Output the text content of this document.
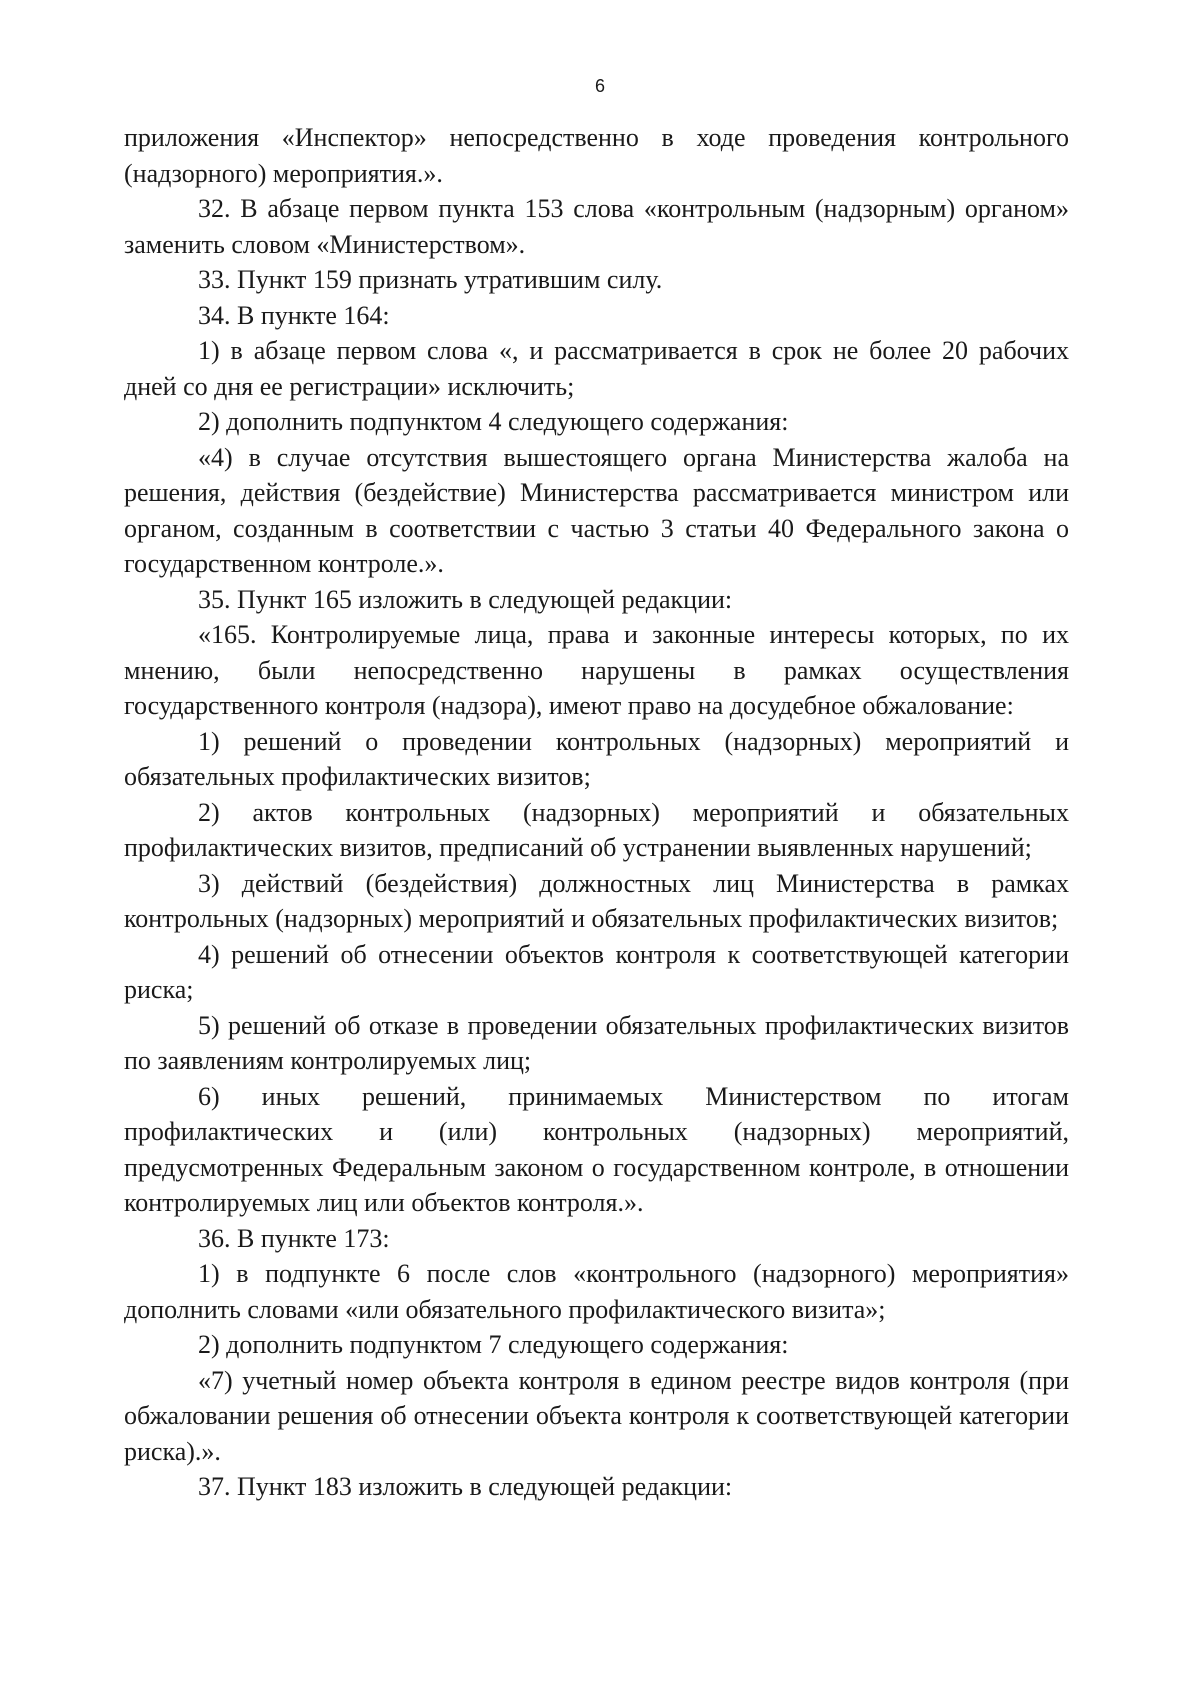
6

приложения «Инспектор» непосредственно в ходе проведения контрольного (надзорного) мероприятия.».

32. В абзаце первом пункта 153 слова «контрольным (надзорным) органом» заменить словом «Министерством».

33. Пункт 159 признать утратившим силу.

34. В пункте 164:

1) в абзаце первом слова «, и рассматривается в срок не более 20 рабочих дней со дня ее регистрации» исключить;

2) дополнить подпунктом 4 следующего содержания:

«4) в случае отсутствия вышестоящего органа Министерства жалоба на решения, действия (бездействие) Министерства рассматривается министром или органом, созданным в соответствии с частью 3 статьи 40 Федерального закона о государственном контроле.».

35. Пункт 165 изложить в следующей редакции:

«165. Контролируемые лица, права и законные интересы которых, по их мнению, были непосредственно нарушены в рамках осуществления государственного контроля (надзора), имеют право на досудебное обжалование:

1) решений о проведении контрольных (надзорных) мероприятий и обязательных профилактических визитов;

2) актов контрольных (надзорных) мероприятий и обязательных профилактических визитов, предписаний об устранении выявленных нарушений;

3) действий (бездействия) должностных лиц Министерства в рамках контрольных (надзорных) мероприятий и обязательных профилактических визитов;

4) решений об отнесении объектов контроля к соответствующей категории риска;

5) решений об отказе в проведении обязательных профилактических визитов по заявлениям контролируемых лиц;

6) иных решений, принимаемых Министерством по итогам профилактических и (или) контрольных (надзорных) мероприятий, предусмотренных Федеральным законом о государственном контроле, в отношении контролируемых лиц или объектов контроля.».

36. В пункте 173:

1) в подпункте 6 после слов «контрольного (надзорного) мероприятия» дополнить словами «или обязательного профилактического визита»;

2) дополнить подпунктом 7 следующего содержания:

«7) учетный номер объекта контроля в едином реестре видов контроля (при обжаловании решения об отнесении объекта контроля к соответствующей категории риска).».

37. Пункт 183 изложить в следующей редакции:
